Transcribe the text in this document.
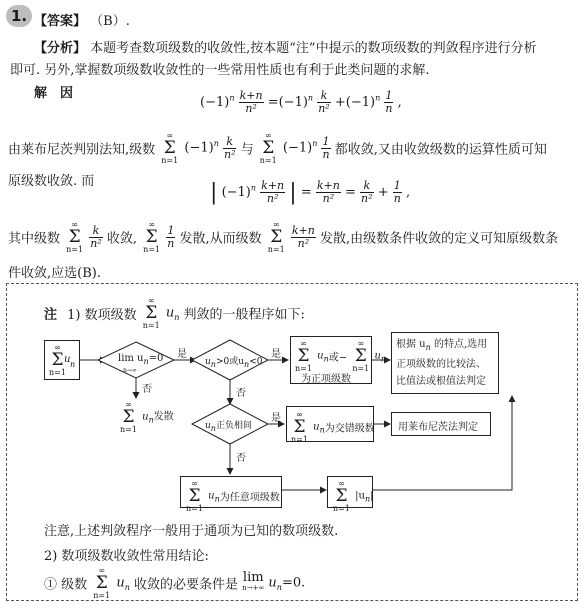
1. 【答案】 （B）.
【分析】 本题考查数项级数的收敛性,按本题“注”中提示的数项级数的判敛程序进行分析
即可. 另外,掌握数项级数收敛性的一些常用性质也有利于此类问题的求解.
解　因
$(-1)^n \frac{k+n}{\text{n²}} =(-1)^n \frac{k}{\text{n²}} +(-1)^n \frac{1}{n}$ ,
由莱布尼茨判别法知,级数 ∞
Σ
n=1 $(-1)^n \frac{k}{\text{n²}}$ 与 ∞
Σ
n=1 $(-1)^n \frac{1}{n}$ 都收敛,又由收敛级数的运算性质可知
原级数收敛. 而	| $(-1)^n \frac{k+n}{\text{n²}}$ | = $\frac{k+n}{\text{n²}} = \frac{k}{\text{n²}} + \frac{1}{n}$ ,
其中级数 ∞
Σ
$n=1 \frac{k}{\text{n²}}$ 收敛, ∞
Σ
$n=1 \frac{1}{n}$ 发散,从而级数 ∞
Σ
$n=1 \frac{k+n}{\text{n²}}$ 发散,由级数条件收敛的定义可知原级数条
件收敛,应选(B).
注 1) 数项级数 ∞
Σ
n=1 $u_n$ 判敛的一般程序如下:
∞
Σ
n=1
u n
$\lim u_n=0$
n→∞
是
否
∞
Σ
n=1 $u_n$发散
un>0或un<0
是
否
∞
Σ
n=1 $u_n$或− ∞
Σ
n=1 $u_n$
为正项级数
根据 $u_n$ 的特点,选用
正项级数的比较法、
比值法或根值法判定
un正负相间
是
否
∞
Σ
n=1 $u_n$为交错级数	用莱布尼茨法判定
∞
Σ
n=1 $u_n$为任意项级数
∞
Σ
n=1 $|u_n|$
注意,上述判敛程序一般用于通项为已知的数项级数.
2) 数项级数收敛性常用结论:
① 级数 ∞
Σ
n=1 $u_n$ 收敛的必要条件是 lim
n→+∞ $u_n=0$.
